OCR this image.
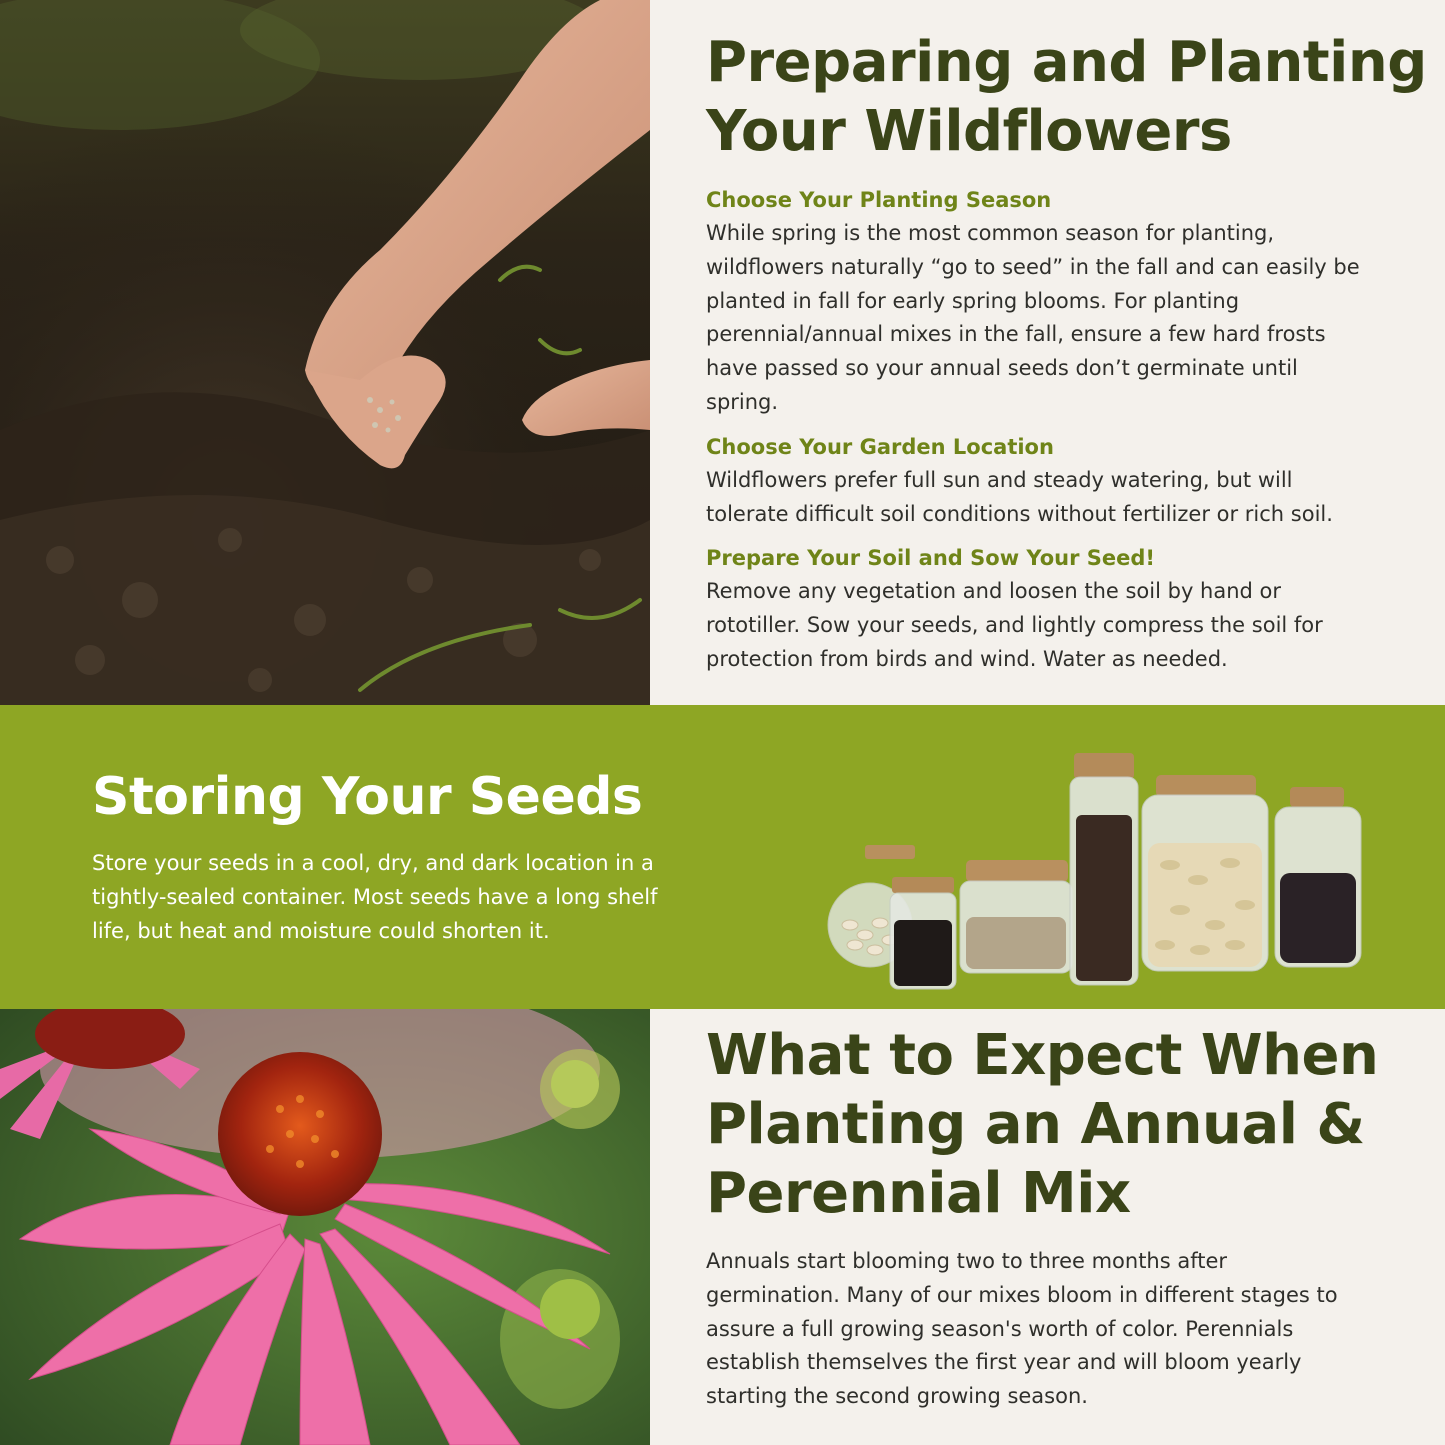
Preparing and Planting
Your Wildflowers
Choose Your Planting Season
While spring is the most common season for planting,
wildflowers naturally “go to seed” in the fall and can easily be
planted in fall for early spring blooms. For planting
perennial/annual mixes in the fall, ensure a few hard frosts
have passed so your annual seeds don’t germinate until
spring.
Choose Your Garden Location
Wildflowers prefer full sun and steady watering, but will
tolerate difficult soil conditions without fertilizer or rich soil.
Prepare Your Soil and Sow Your Seed!
Remove any vegetation and loosen the soil by hand or
rototiller. Sow your seeds, and lightly compress the soil for
protection from birds and wind. Water as needed.
Storing Your Seeds
Store your seeds in a cool, dry, and dark location in a
tightly-sealed container. Most seeds have a long shelf
life, but heat and moisture could shorten it.
What to Expect When
Planting an Annual &
Perennial Mix
Annuals start blooming two to three months after
germination. Many of our mixes bloom in different stages to
assure a full growing season's worth of color. Perennials
establish themselves the first year and will bloom yearly
starting the second growing season.
